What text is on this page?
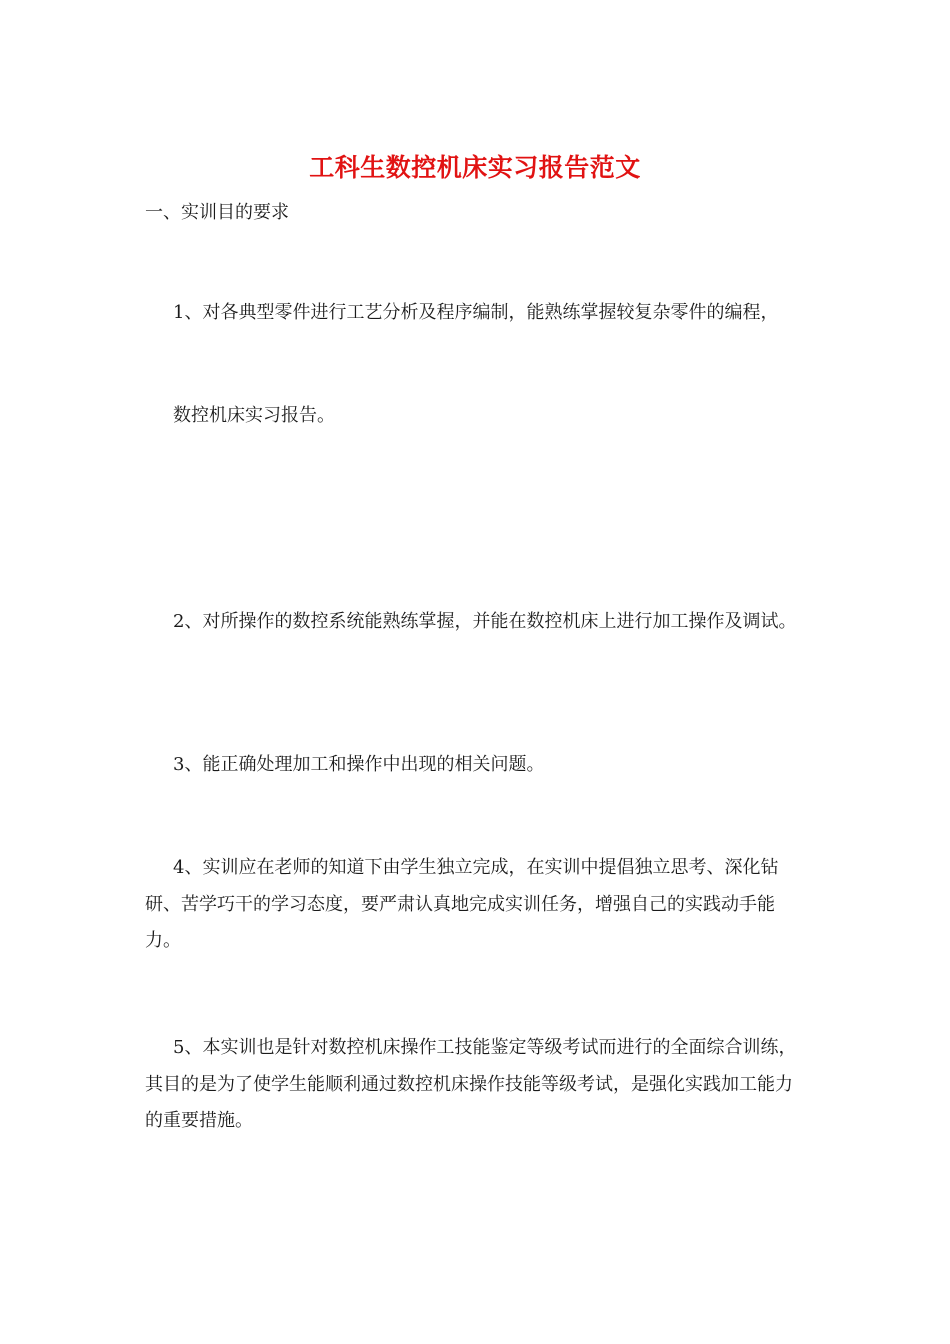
工科生数控机床实习报告范文
一、实训目的要求
1、对各典型零件进行工艺分析及程序编制，能熟练掌握较复杂零件的编程，
数控机床实习报告。
2、对所操作的数控系统能熟练掌握，并能在数控机床上进行加工操作及调试。
3、能正确处理加工和操作中出现的相关问题。
4、实训应在老师的知道下由学生独立完成，在实训中提倡独立思考、深化钻研、苦学巧干的学习态度，要严肃认真地完成实训任务，增强自己的实践动手能力。
5、本实训也是针对数控机床操作工技能鉴定等级考试而进行的全面综合训练，其目的是为了使学生能顺利通过数控机床操作技能等级考试，是强化实践加工能力的重要措施。
